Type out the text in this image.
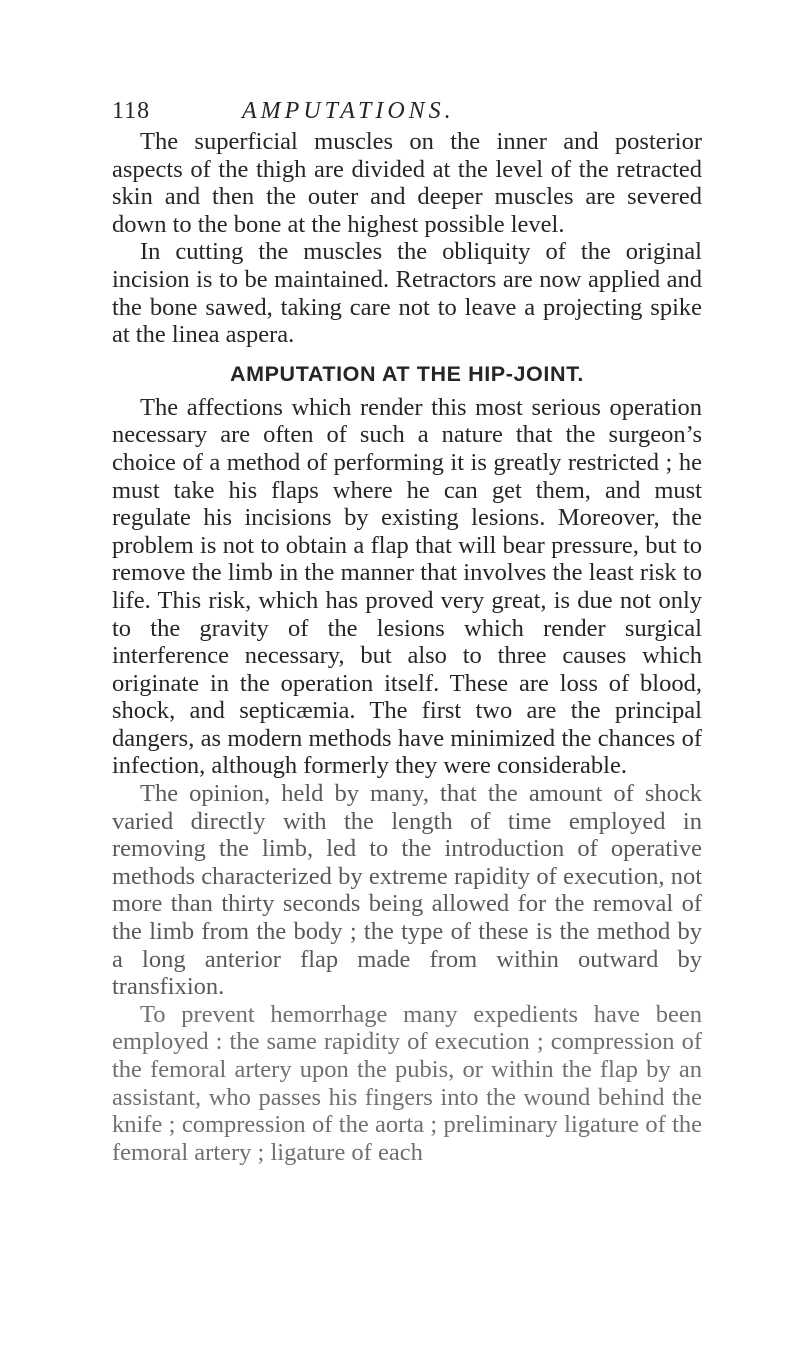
118	AMPUTATIONS.

The superficial muscles on the inner and posterior aspects of the thigh are divided at the level of the retracted skin and then the outer and deeper muscles are severed down to the bone at the highest possible level.

In cutting the muscles the obliquity of the original incision is to be maintained. Retractors are now applied and the bone sawed, taking care not to leave a projecting spike at the linea aspera.

AMPUTATION AT THE HIP-JOINT.

The affections which render this most serious operation necessary are often of such a nature that the surgeon’s choice of a method of performing it is greatly restricted ; he must take his flaps where he can get them, and must regulate his incisions by existing lesions. Moreover, the problem is not to obtain a flap that will bear pressure, but to remove the limb in the manner that involves the least risk to life. This risk, which has proved very great, is due not only to the gravity of the lesions which render surgical interference necessary, but also to three causes which originate in the operation itself. These are loss of blood, shock, and septicæmia. The first two are the principal dangers, as modern methods have minimized the chances of infection, although formerly they were considerable.

The opinion, held by many, that the amount of shock varied directly with the length of time employed in removing the limb, led to the introduction of operative methods characterized by extreme rapidity of execution, not more than thirty seconds being allowed for the removal of the limb from the body ; the type of these is the method by a long anterior flap made from within outward by transfixion.

To prevent hemorrhage many expedients have been employed : the same rapidity of execution ; compression of the femoral artery upon the pubis, or within the flap by an assistant, who passes his fingers into the wound behind the knife ; compression of the aorta ; preliminary ligature of the femoral artery ; ligature of each
